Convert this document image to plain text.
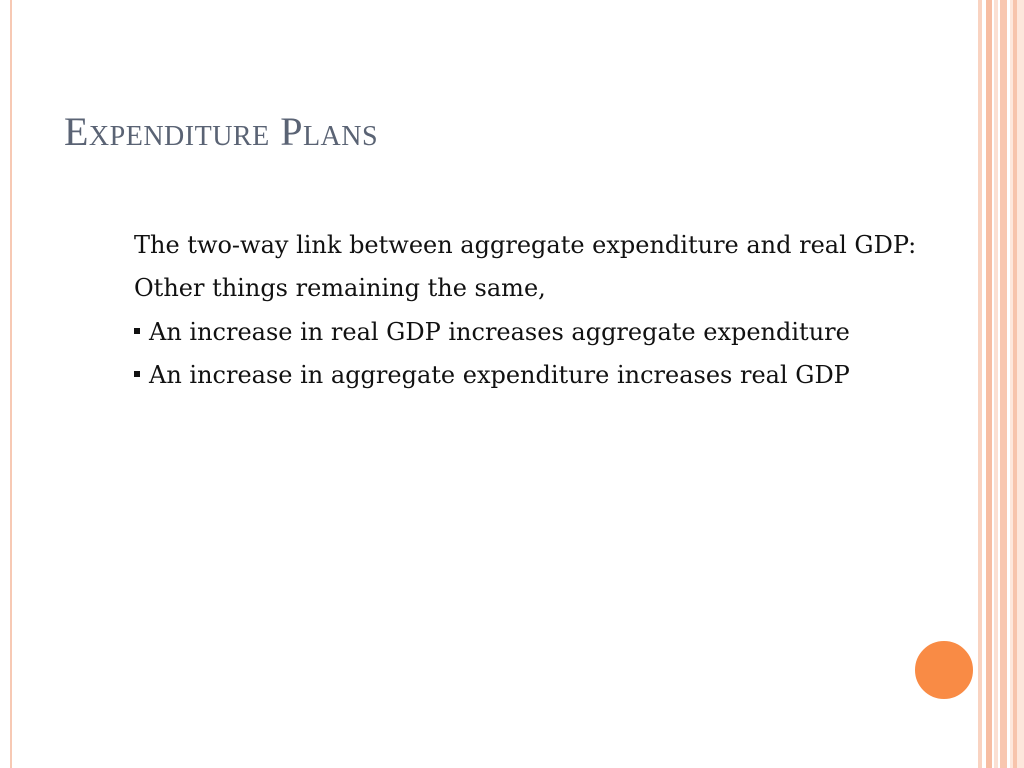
Expenditure Plans

The two-way link between aggregate expenditure and real GDP:

Other things remaining the same,

An increase in real GDP increases aggregate expenditure
An increase in aggregate expenditure increases real GDP
